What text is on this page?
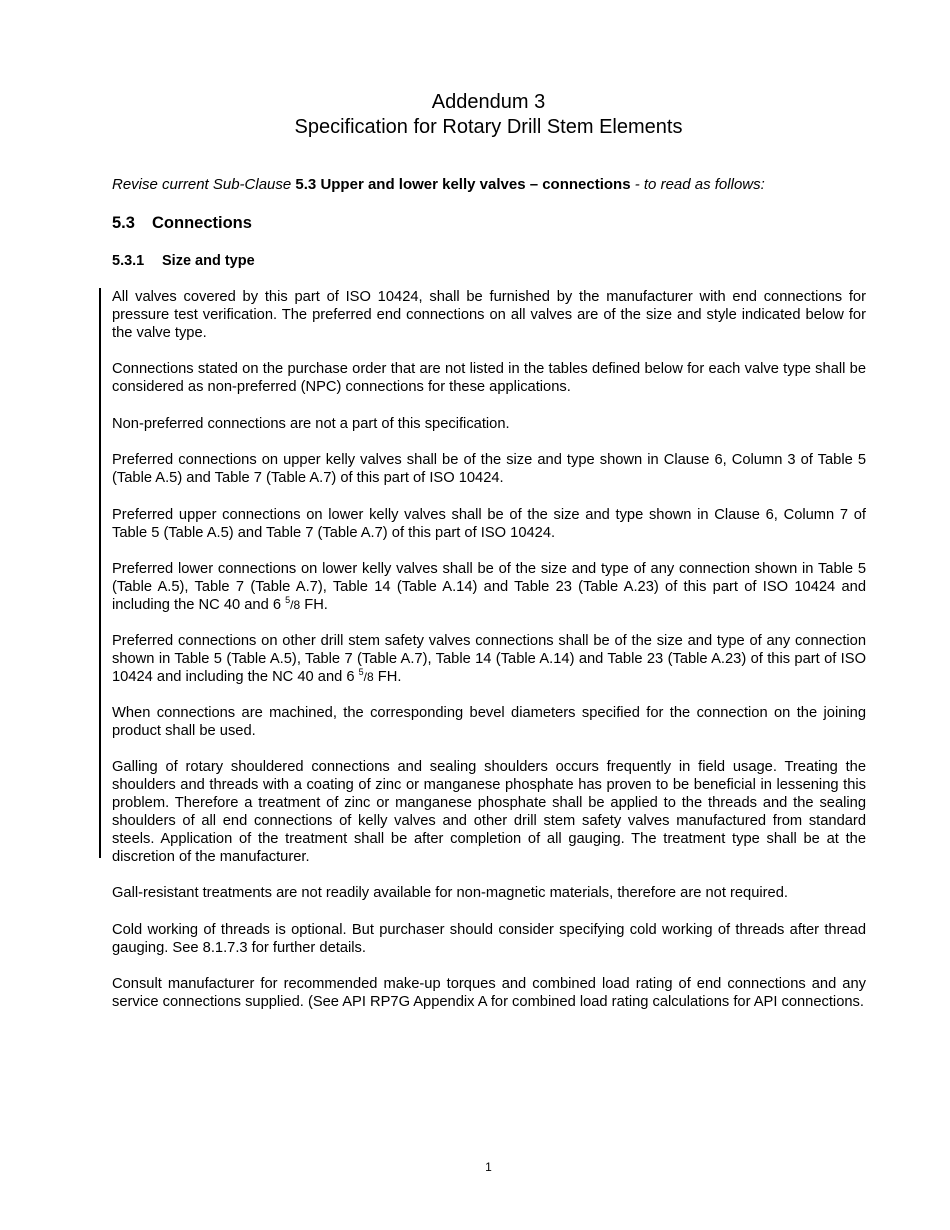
Addendum 3
Specification for Rotary Drill Stem Elements
Revise current Sub-Clause 5.3 Upper and lower kelly valves – connections - to read as follows:
5.3 Connections
5.3.1 Size and type

All valves covered by this part of ISO 10424, shall be furnished by the manufacturer with end connections for pressure test verification. The preferred end connections on all valves are of the size and style indicated below for the valve type.

Connections stated on the purchase order that are not listed in the tables defined below for each valve type shall be considered as non-preferred (NPC) connections for these applications.

Non-preferred connections are not a part of this specification.

Preferred connections on upper kelly valves shall be of the size and type shown in Clause 6, Column 3 of Table 5 (Table A.5) and Table 7 (Table A.7) of this part of ISO 10424.

Preferred upper connections on lower kelly valves shall be of the size and type shown in Clause 6, Column 7 of Table 5 (Table A.5) and Table 7 (Table A.7) of this part of ISO 10424.

Preferred lower connections on lower kelly valves shall be of the size and type of any connection shown in Table 5 (Table A.5), Table 7 (Table A.7), Table 14 (Table A.14) and Table 23 (Table A.23) of this part of ISO 10424 and including the NC 40 and 6 $^5$/8 FH.

Preferred connections on other drill stem safety valves connections shall be of the size and type of any connection shown in Table 5 (Table A.5), Table 7 (Table A.7), Table 14 (Table A.14) and Table 23 (Table A.23) of this part of ISO 10424 and including the NC 40 and 6 $^5$/8 FH.

When connections are machined, the corresponding bevel diameters specified for the connection on the joining product shall be used.

Galling of rotary shouldered connections and sealing shoulders occurs frequently in field usage. Treating the shoulders and threads with a coating of zinc or manganese phosphate has proven to be beneficial in lessening this problem. Therefore a treatment of zinc or manganese phosphate shall be applied to the threads and the sealing shoulders of all end connections of kelly valves and other drill stem safety valves manufactured from standard steels. Application of the treatment shall be after completion of all gauging. The treatment type shall be at the discretion of the manufacturer.

Gall-resistant treatments are not readily available for non-magnetic materials, therefore are not required.

Cold working of threads is optional. But purchaser should consider specifying cold working of threads after thread gauging. See 8.1.7.3 for further details.

Consult manufacturer for recommended make-up torques and combined load rating of end connections and any service connections supplied. (See API RP7G Appendix A for combined load rating calculations for API connections.

1
